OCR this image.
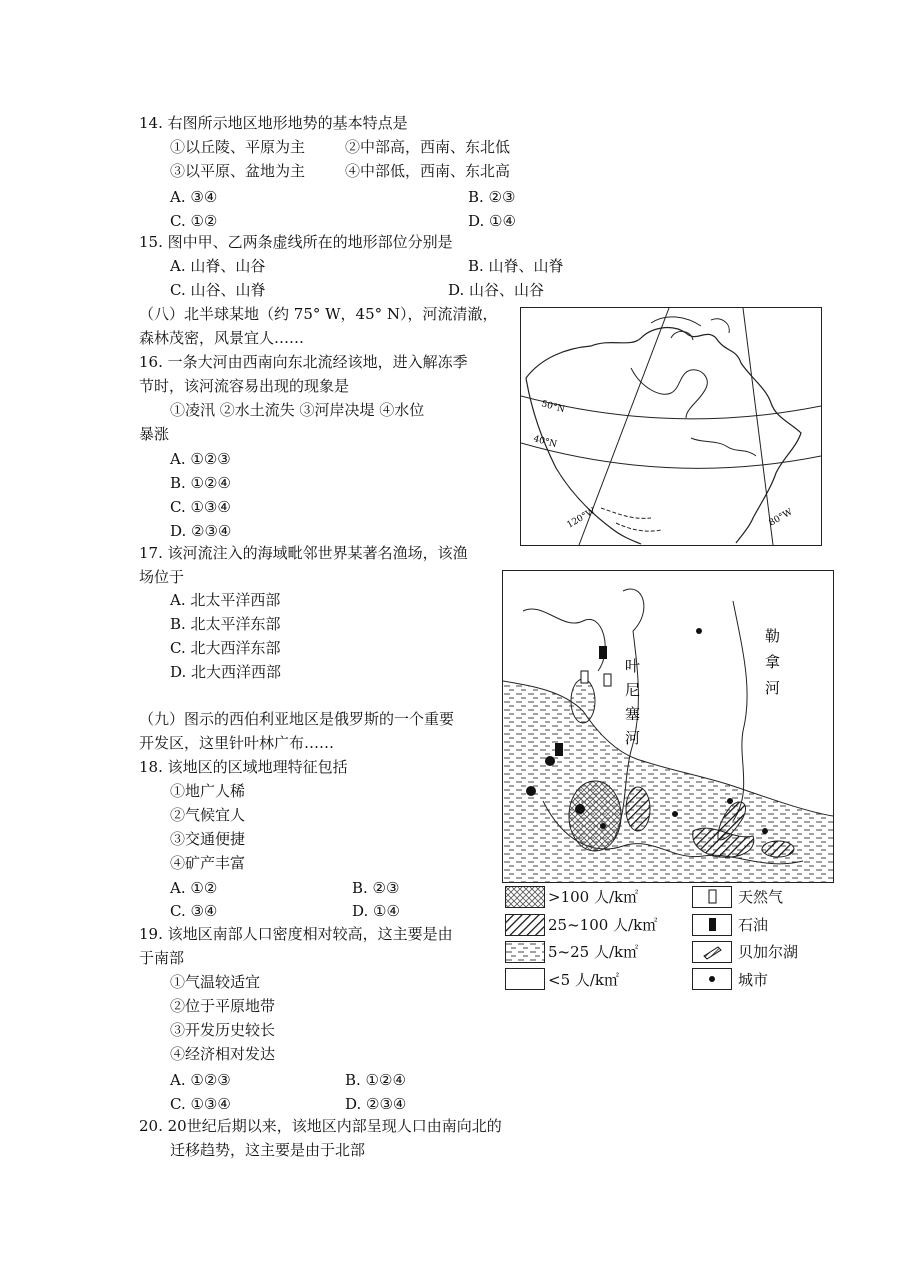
14. 右图所示地区地形地势的基本特点是
①以丘陵、平原为主	②中部高，西南、东北低
③以平原、盆地为主	④中部低，西南、东北高
A. ③④	B. ②③
C. ①②	D. ①④
15. 图中甲、乙两条虚线所在的地形部位分别是
A. 山脊、山谷	B. 山脊、山脊
C. 山谷、山脊	D. 山谷、山谷
（八）北半球某地（约 75° W，45° N），河流清澈，
森林茂密，风景宜人……
16. 一条大河由西南向东北流经该地，进入解冻季
节时，该河流容易出现的现象是
①凌汛 ②水土流失 ③河岸决堤 ④水位
暴涨
A. ①②③
B. ①②④
C. ①③④
D. ②③④
17. 该河流注入的海域毗邻世界某著名渔场，该渔
场位于
A. 北太平洋西部
B. 北太平洋东部
C. 北大西洋东部
D. 北大西洋西部
（九）图示的西伯利亚地区是俄罗斯的一个重要
开发区，这里针叶林广布……
18. 该地区的区域地理特征包括
①地广人稀
②气候宜人
③交通便捷
④矿产丰富
A. ①②	B. ②③
C. ③④	D. ①④
19. 该地区南部人口密度相对较高，这主要是由
于南部
①气温较适宜
②位于平原地带
③开发历史较长
④经济相对发达
A. ①②③	B. ①②④
C. ①③④	D. ②③④
20. 20世纪后期以来，该地区内部呈现人口由南向北的
迁移趋势，这主要是由于北部
50°N
40°N
120°W	80°W
叶
尼
塞
河
勒
拿
河
>100 人/k㎡
25~100 人/k㎡
5~25 人/k㎡
<5 人/k㎡
天然气
石油
贝加尔湖
城市
